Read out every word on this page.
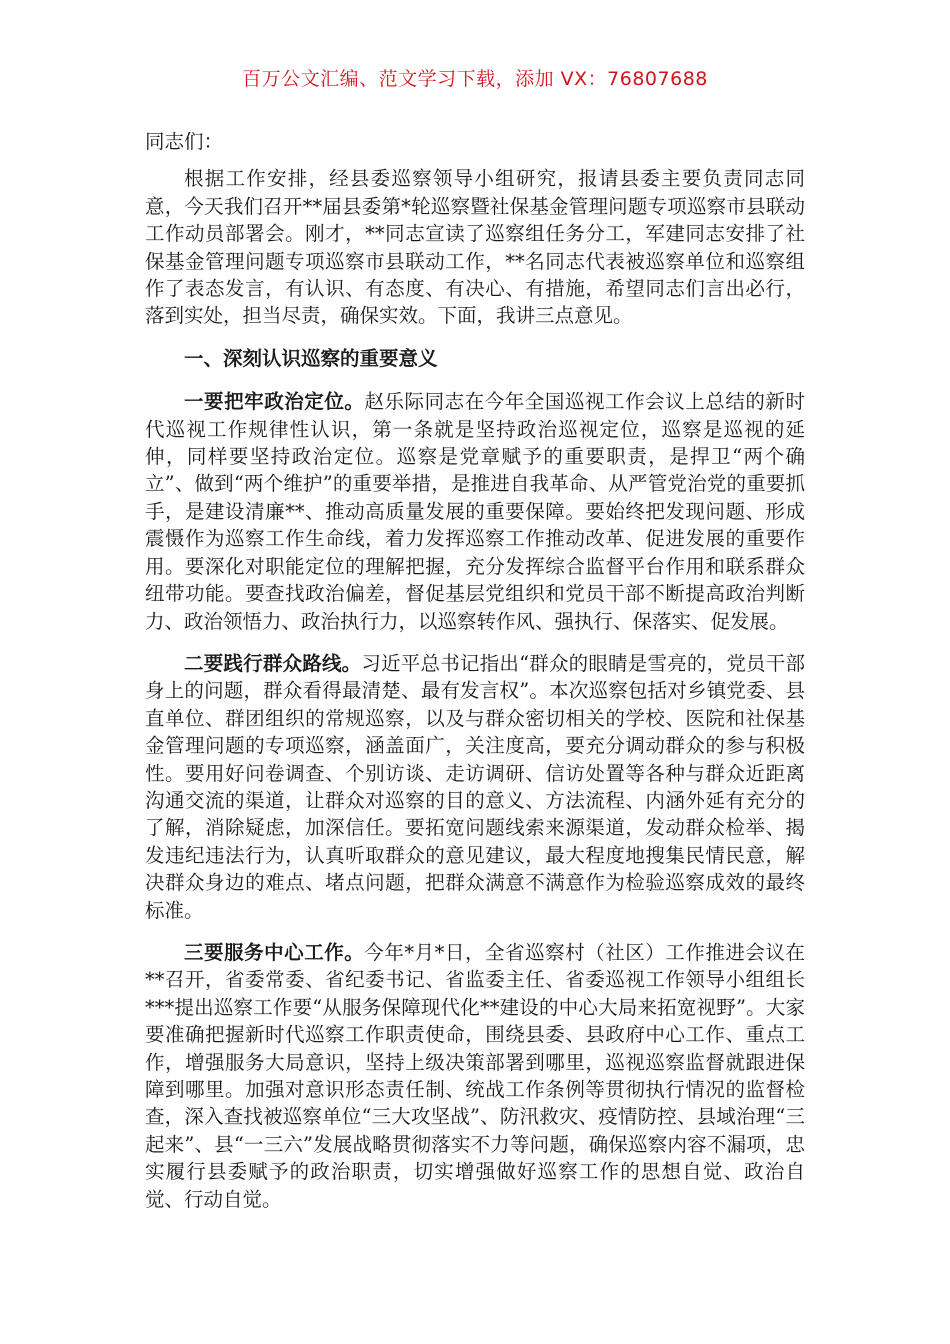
百万公文汇编、范文学习下载，添加 VX：76807688

同志们：

根据工作安排，经县委巡察领导小组研究，报请县委主要负责同志同意，今天我们召开**届县委第*轮巡察暨社保基金管理问题专项巡察市县联动工作动员部署会。刚才，**同志宣读了巡察组任务分工，军建同志安排了社保基金管理问题专项巡察市县联动工作，**名同志代表被巡察单位和巡察组作了表态发言，有认识、有态度、有决心、有措施，希望同志们言出必行，落到实处，担当尽责，确保实效。下面，我讲三点意见。

一、深刻认识巡察的重要意义

一要把牢政治定位。赵乐际同志在今年全国巡视工作会议上总结的新时代巡视工作规律性认识，第一条就是坚持政治巡视定位，巡察是巡视的延伸，同样要坚持政治定位。巡察是党章赋予的重要职责，是捍卫“两个确立”、做到“两个维护”的重要举措，是推进自我革命、从严管党治党的重要抓手，是建设清廉**、推动高质量发展的重要保障。要始终把发现问题、形成震慑作为巡察工作生命线，着力发挥巡察工作推动改革、促进发展的重要作用。要深化对职能定位的理解把握，充分发挥综合监督平台作用和联系群众纽带功能。要查找政治偏差，督促基层党组织和党员干部不断提高政治判断力、政治领悟力、政治执行力，以巡察转作风、强执行、保落实、促发展。

二要践行群众路线。习近平总书记指出“群众的眼睛是雪亮的，党员干部身上的问题，群众看得最清楚、最有发言权”。本次巡察包括对乡镇党委、县直单位、群团组织的常规巡察，以及与群众密切相关的学校、医院和社保基金管理问题的专项巡察，涵盖面广，关注度高，要充分调动群众的参与积极性。要用好问卷调查、个别访谈、走访调研、信访处置等各种与群众近距离沟通交流的渠道，让群众对巡察的目的意义、方法流程、内涵外延有充分的了解，消除疑虑，加深信任。要拓宽问题线索来源渠道，发动群众检举、揭发违纪违法行为，认真听取群众的意见建议，最大程度地搜集民情民意，解决群众身边的难点、堵点问题，把群众满意不满意作为检验巡察成效的最终标准。

三要服务中心工作。今年*月*日，全省巡察村（社区）工作推进会议在**召开，省委常委、省纪委书记、省监委主任、省委巡视工作领导小组组长***提出巡察工作要“从服务保障现代化**建设的中心大局来拓宽视野”。大家要准确把握新时代巡察工作职责使命，围绕县委、县政府中心工作、重点工作，增强服务大局意识，坚持上级决策部署到哪里，巡视巡察监督就跟进保障到哪里。加强对意识形态责任制、统战工作条例等贯彻执行情况的监督检查，深入查找被巡察单位“三大攻坚战”、防汛救灾、疫情防控、县域治理“三起来”、县“一三六”发展战略贯彻落实不力等问题，确保巡察内容不漏项，忠实履行县委赋予的政治职责，切实增强做好巡察工作的思想自觉、政治自觉、行动自觉。
